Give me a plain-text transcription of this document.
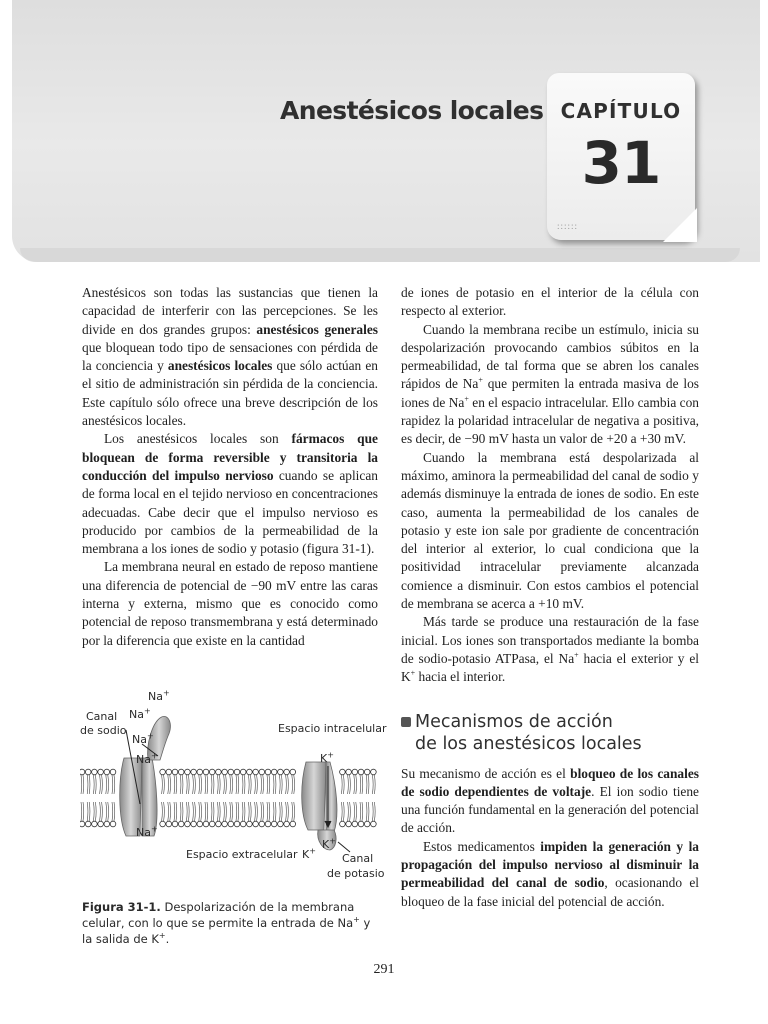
Anestésicos locales CAPÍTULO
31
::::::

Anestésicos son todas las sustancias que tienen la capacidad de interferir con las percepciones. Se les divide en dos grandes grupos: anestésicos generales que bloquean todo tipo de sensaciones con pérdida de la conciencia y anestésicos locales que sólo actúan en el sitio de administración sin pérdida de la conciencia. Este capítulo sólo ofrece una breve descripción de los anestésicos locales.

Los anestésicos locales son fármacos que bloquean de forma reversible y transitoria la conducción del impulso nervioso cuando se aplican de forma local en el tejido nervioso en concentraciones adecuadas. Cabe decir que el impulso nervioso es producido por cambios de la permeabilidad de la membrana a los iones de sodio y potasio (figura 31-1).

La membrana neural en estado de reposo mantiene una diferencia de potencial de −90 mV entre las caras interna y externa, mismo que es conocido como potencial de reposo transmembrana y está determinado por la diferencia que existe en la cantidad

de iones de potasio en el interior de la célula con respecto al exterior.

Cuando la membrana recibe un estímulo, inicia su despolarización provocando cambios súbitos en la permeabilidad, de tal forma que se abren los canales rápidos de Na+ que permiten la entrada masiva de los iones de Na+ en el espacio intracelular. Ello cambia con rapidez la polaridad intracelular de negativa a positiva, es decir, de −90 mV hasta un valor de +20 a +30 mV.

Cuando la membrana está despolarizada al máximo, aminora la permeabilidad del canal de sodio y además disminuye la entrada de iones de sodio. En este caso, aumenta la permeabilidad de los canales de potasio y este ion sale por gradiente de concentración del interior al exterior, lo cual condiciona que la positividad intracelular previamente alcanzada comience a disminuir. Con estos cambios el potencial de membrana se acerca a +10 mV.

Más tarde se produce una restauración de la fase inicial. Los iones son transportados mediante la bomba de sodio-potasio ATPasa, el Na+ hacia el exterior y el K+ hacia el interior.

Mecanismos de acción
de los anestésicos locales

Su mecanismo de acción es el bloqueo de los canales de sodio dependientes de voltaje. El ion sodio tiene una función fundamental en la generación del potencial de acción.

Estos medicamentos impiden la generación y la propagación del impulso nervioso al disminuir la permeabilidad del canal de sodio, ocasionando el bloqueo de la fase inicial del potencial de acción.

Na+
Na+
Na+
Na+
Na+
Canal
de sodio	Espacio intracelular
K+
K+
K+
Espacio extracelular	Canal
de potasio
Figura 31-1. Despolarización de la membrana celular, con lo que se permite la entrada de Na+ y la salida de K+.
291
